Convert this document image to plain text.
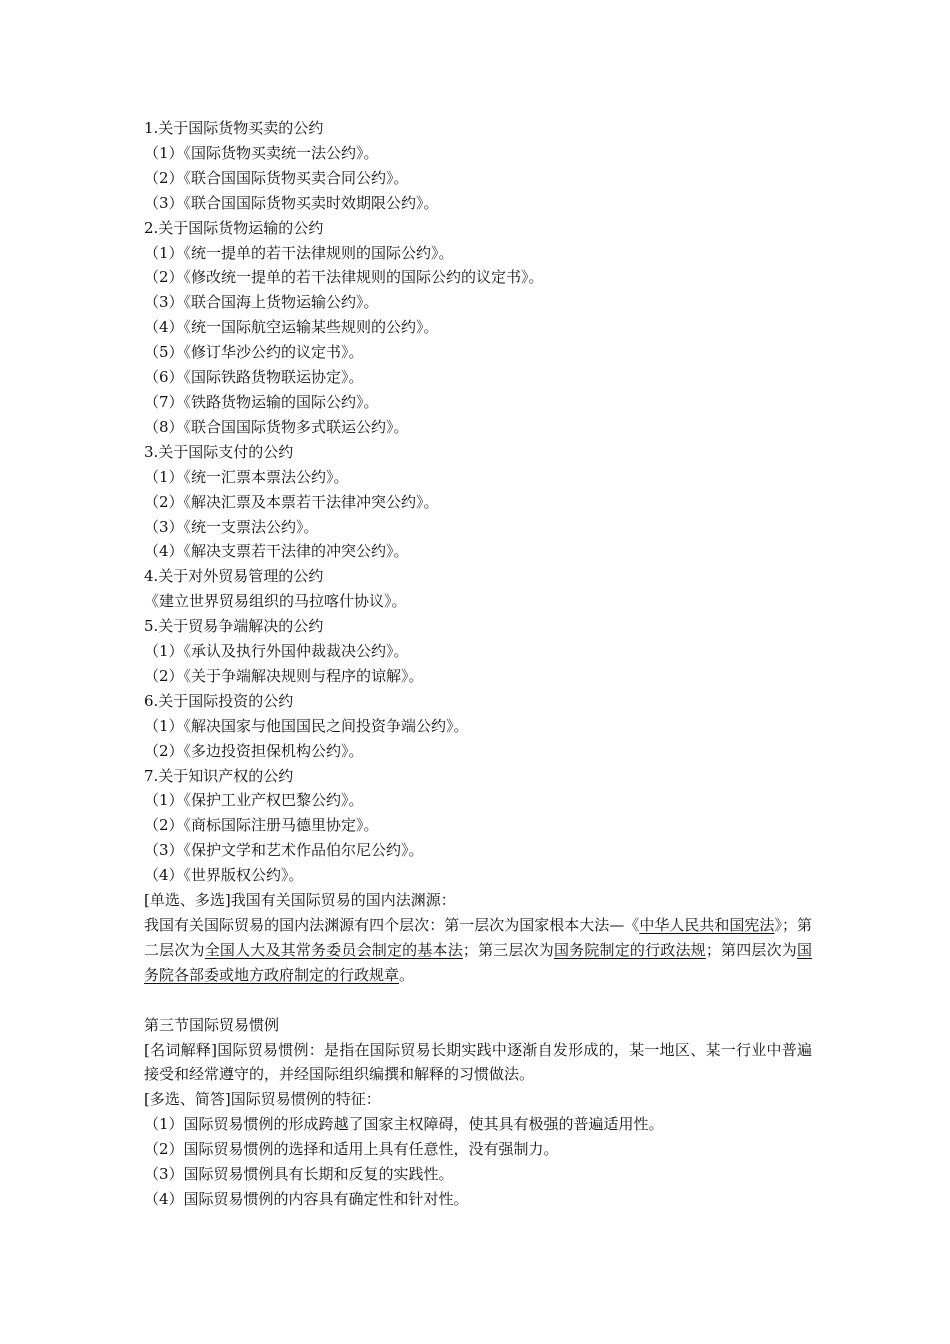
1.关于国际货物买卖的公约
（1）《国际货物买卖统一法公约》。
（2）《联合国国际货物买卖合同公约》。
（3）《联合国国际货物买卖时效期限公约》。
2.关于国际货物运输的公约
（1）《统一提单的若干法律规则的国际公约》。
（2）《修改统一提单的若干法律规则的国际公约的议定书》。
（3）《联合国海上货物运输公约》。
（4）《统一国际航空运输某些规则的公约》。
（5）《修订华沙公约的议定书》。
（6）《国际铁路货物联运协定》。
（7）《铁路货物运输的国际公约》。
（8）《联合国国际货物多式联运公约》。
3.关于国际支付的公约
（1）《统一汇票本票法公约》。
（2）《解决汇票及本票若干法律冲突公约》。
（3）《统一支票法公约》。
（4）《解决支票若干法律的冲突公约》。
4.关于对外贸易管理的公约
《建立世界贸易组织的马拉喀什协议》。
5.关于贸易争端解决的公约
（1）《承认及执行外国仲裁裁决公约》。
（2）《关于争端解决规则与程序的谅解》。
6.关于国际投资的公约
（1）《解决国家与他国国民之间投资争端公约》。
（2）《多边投资担保机构公约》。
7.关于知识产权的公约
（1）《保护工业产权巴黎公约》。
（2）《商标国际注册马德里协定》。
（3）《保护文学和艺术作品伯尔尼公约》。
（4）《世界版权公约》。
[单选、多选]我国有关国际贸易的国内法渊源：
我国有关国际贸易的国内法渊源有四个层次：第一层次为国家根本大法—《中华人民共和国宪法》；第二层次为全国人大及其常务委员会制定的基本法；第三层次为国务院制定的行政法规；第四层次为国务院各部委或地方政府制定的行政规章。
第三节国际贸易惯例
[名词解释]国际贸易惯例：是指在国际贸易长期实践中逐渐自发形成的，某一地区、某一行业中普遍接受和经常遵守的，并经国际组织编撰和解释的习惯做法。
[多选、简答]国际贸易惯例的特征：
（1）国际贸易惯例的形成跨越了国家主权障碍，使其具有极强的普遍适用性。
（2）国际贸易惯例的选择和适用上具有任意性，没有强制力。
（3）国际贸易惯例具有长期和反复的实践性。
（4）国际贸易惯例的内容具有确定性和针对性。
